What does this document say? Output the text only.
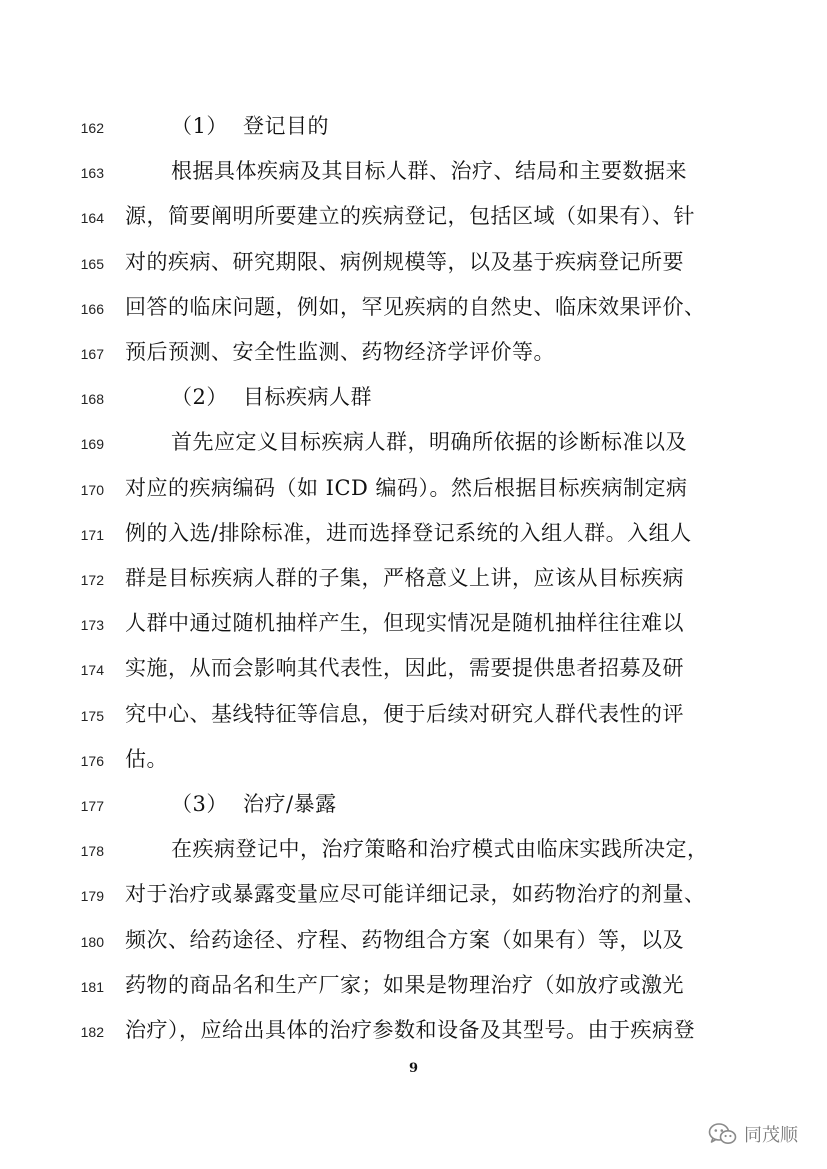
162	（1） 登记目的
163	根据具体疾病及其目标人群、治疗、结局和主要数据来
164 源，简要阐明所要建立的疾病登记，包括区域（如果有）、针
165 对的疾病、研究期限、病例规模等，以及基于疾病登记所要
166 回答的临床问题，例如，罕见疾病的自然史、临床效果评价、
167 预后预测、安全性监测、药物经济学评价等。
168	（2） 目标疾病人群
169	首先应定义目标疾病人群，明确所依据的诊断标准以及
170 对应的疾病编码（如 ICD 编码）。然后根据目标疾病制定病
171 例的入选/排除标准，进而选择登记系统的入组人群。入组人
172 群是目标疾病人群的子集，严格意义上讲，应该从目标疾病
173 人群中通过随机抽样产生，但现实情况是随机抽样往往难以
174 实施，从而会影响其代表性，因此，需要提供患者招募及研
175 究中心、基线特征等信息，便于后续对研究人群代表性的评
176 估。
177	（3） 治疗/暴露
178	在疾病登记中，治疗策略和治疗模式由临床实践所决定，
179 对于治疗或暴露变量应尽可能详细记录，如药物治疗的剂量、
180 频次、给药途径、疗程、药物组合方案（如果有）等，以及
181 药物的商品名和生产厂家；如果是物理治疗（如放疗或激光
182 治疗），应给出具体的治疗参数和设备及其型号。由于疾病登
9
同茂顺
